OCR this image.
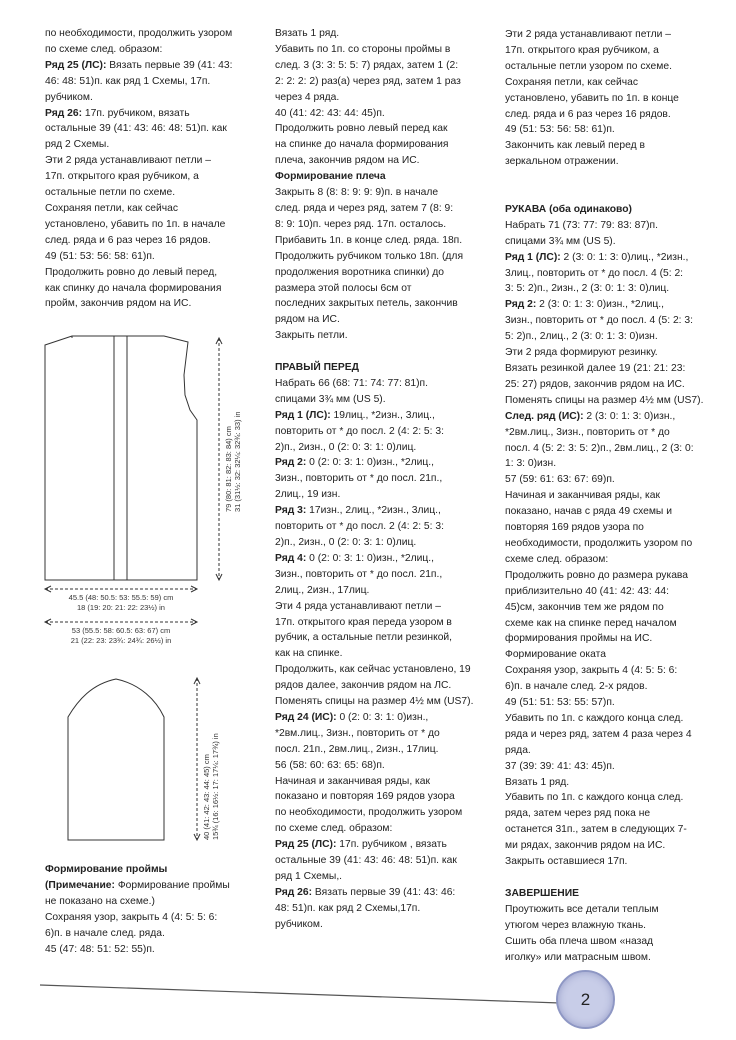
по необходимости, продолжить узором

по схеме след. образом:

Ряд 25 (ЛС): Вязать первые 39 (41: 43:

46: 48: 51)п. как ряд 1 Схемы, 17п.

рубчиком.

Ряд 26: 17п. рубчиком, вязать

остальные 39 (41: 43: 46: 48: 51)п. как

ряд 2 Схемы.

Эти 2 ряда устанавливают петли –

17п. открытого края рубчиком, а

остальные петли по схеме.

Сохраняя петли, как сейчас

установлено, убавить по 1п. в начале

след. ряда и 6 раз через 16 рядов.

49 (51: 53: 56: 58: 61)п.

Продолжить ровно до левый перед,

как спинку до начала формирования

пройм, закончив рядом на ИС.

79 (80: 81: 82: 83: 84) cm 31 (31½: 32: 32¼: 32¾: 33) in
45.5 (48: 50.5: 53: 55.5: 59) cm
18 (19: 20: 21: 22: 23½) in
53 (55.5: 58: 60.5: 63: 67) cm
21 (22: 23: 23¾: 24¾: 26½) in
40 (41: 42: 43: 44: 45) cm 15¾ (16: 16½: 17: 17¼: 17¾) in

Формирование проймы

(Примечание: Формирование проймы

не показано на схеме.)

Сохраняя узор, закрыть 4 (4: 5: 5: 6:

6)п. в начале след. ряда.

45 (47: 48: 51: 52: 55)п.

Вязать 1 ряд.

Убавить по 1п. со стороны проймы в

след. 3 (3: 3: 5: 5: 7) рядах, затем 1 (2:

2: 2: 2: 2) раз(а) через ряд, затем 1 раз

через 4 ряда.

40 (41: 42: 43: 44: 45)п.

Продолжить ровно левый перед как

на спинке до начала формирования

плеча, закончив рядом на ИС.

Формирование плеча

Закрыть 8 (8: 8: 9: 9: 9)п. в начале

след. ряда и через ряд, затем 7 (8: 9:

8: 9: 10)п. через ряд. 17п. осталось.

Прибавить 1п. в конце след. ряда. 18п.

Продолжить рубчиком только 18п. (для

продолжения воротника спинки) до

размера этой полосы 6см от

последних закрытых петель, закончив

рядом на ИС.

Закрыть петли.

ПРАВЫЙ ПЕРЕД

Набрать 66 (68: 71: 74: 77: 81)п.

спицами 3¾ мм (US 5).

Ряд 1 (ЛС): 19лиц., *2изн., 3лиц.,

повторить от * до посл. 2 (4: 2: 5: 3:

2)п., 2изн., 0 (2: 0: 3: 1: 0)лиц.

Ряд 2: 0 (2: 0: 3: 1: 0)изн., *2лиц.,

3изн., повторить от * до посл. 21п.,

2лиц., 19 изн.

Ряд 3: 17изн., 2лиц., *2изн., 3лиц.,

повторить от * до посл. 2 (4: 2: 5: 3:

2)п., 2изн., 0 (2: 0: 3: 1: 0)лиц.

Ряд 4: 0 (2: 0: 3: 1: 0)изн., *2лиц.,

3изн., повторить от * до посл. 21п.,

2лиц., 2изн., 17лиц.

Эти 4 ряда устанавливают петли –

17п. открытого края переда узором в

рубчик, а остальные петли резинкой,

как на спинке.

Продолжить, как сейчас установлено, 19

рядов далее, закончив рядом на ЛС.

Поменять спицы на размер 4½ мм (US7).

Ряд 24 (ИС): 0 (2: 0: 3: 1: 0)изн.,

*2вм.лиц., 3изн., повторить от * до

посл. 21п., 2вм.лиц., 2изн., 17лиц.

56 (58: 60: 63: 65: 68)п.

Начиная и заканчивая ряды, как

показано и повторяя 169 рядов узора

по необходимости, продолжить узором

по схеме след. образом:

Ряд 25 (ЛС): 17п. рубчиком , вязать

остальные 39 (41: 43: 46: 48: 51)п. как

ряд 1 Схемы,.

Ряд 26: Вязать первые 39 (41: 43: 46:

48: 51)п. как ряд 2 Схемы,17п.

рубчиком.

Эти 2 ряда устанавливают петли –

17п. открытого края рубчиком, а

остальные петли узором по схеме.

Сохраняя петли, как сейчас

установлено, убавить по 1п. в конце

след. ряда и 6 раз через 16 рядов.

49 (51: 53: 56: 58: 61)п.

Закончить как левый перед в

зеркальном отражении.

РУКАВА (оба одинаково)

Набрать 71 (73: 77: 79: 83: 87)п.

спицами 3¾ мм (US 5).

Ряд 1 (ЛС): 2 (3: 0: 1: 3: 0)лиц., *2изн.,

3лиц., повторить от * до посл. 4 (5: 2:

3: 5: 2)п., 2изн., 2 (3: 0: 1: 3: 0)лиц.

Ряд 2: 2 (3: 0: 1: 3: 0)изн., *2лиц.,

3изн., повторить от * до посл. 4 (5: 2: 3:

5: 2)п., 2лиц., 2 (3: 0: 1: 3: 0)изн.

Эти 2 ряда формируют резинку.

Вязать резинкой далее 19 (21: 21: 23:

25: 27) рядов, закончив рядом на ИС.

Поменять спицы на размер 4½ мм (US7).

След. ряд (ИС): 2 (3: 0: 1: 3: 0)изн.,

*2вм.лиц., 3изн., повторить от * до

посл. 4 (5: 2: 3: 5: 2)п., 2вм.лиц., 2 (3: 0:

1: 3: 0)изн.

57 (59: 61: 63: 67: 69)п.

Начиная и заканчивая ряды, как

показано, начав с ряда 49 схемы и

повторяя 169 рядов узора по

необходимости, продолжить узором по

схеме след. образом:

Продолжить ровно до размера рукава

приблизительно 40 (41: 42: 43: 44:

45)см, закончив тем же рядом по

схеме как на спинке перед началом

формирования проймы на ИС.

Формирование оката

Сохраняя узор, закрыть 4 (4: 5: 5: 6:

6)п. в начале след. 2-х рядов.

49 (51: 51: 53: 55: 57)п.

Убавить по 1п. с каждого конца след.

ряда и через ряд, затем 4 раза через 4

ряда.

37 (39: 39: 41: 43: 45)п.

Вязать 1 ряд.

Убавить по 1п. с каждого конца след.

ряда, затем через ряд пока не

останется 31п., затем в следующих 7-

ми рядах, закончив рядом на ИС.

Закрыть оставшиеся 17п.

ЗАВЕРШЕНИЕ

Проутюжить все детали теплым

утюгом через влажную ткань.

Сшить оба плеча швом «назад

иголку» или матрасным швом.

2
